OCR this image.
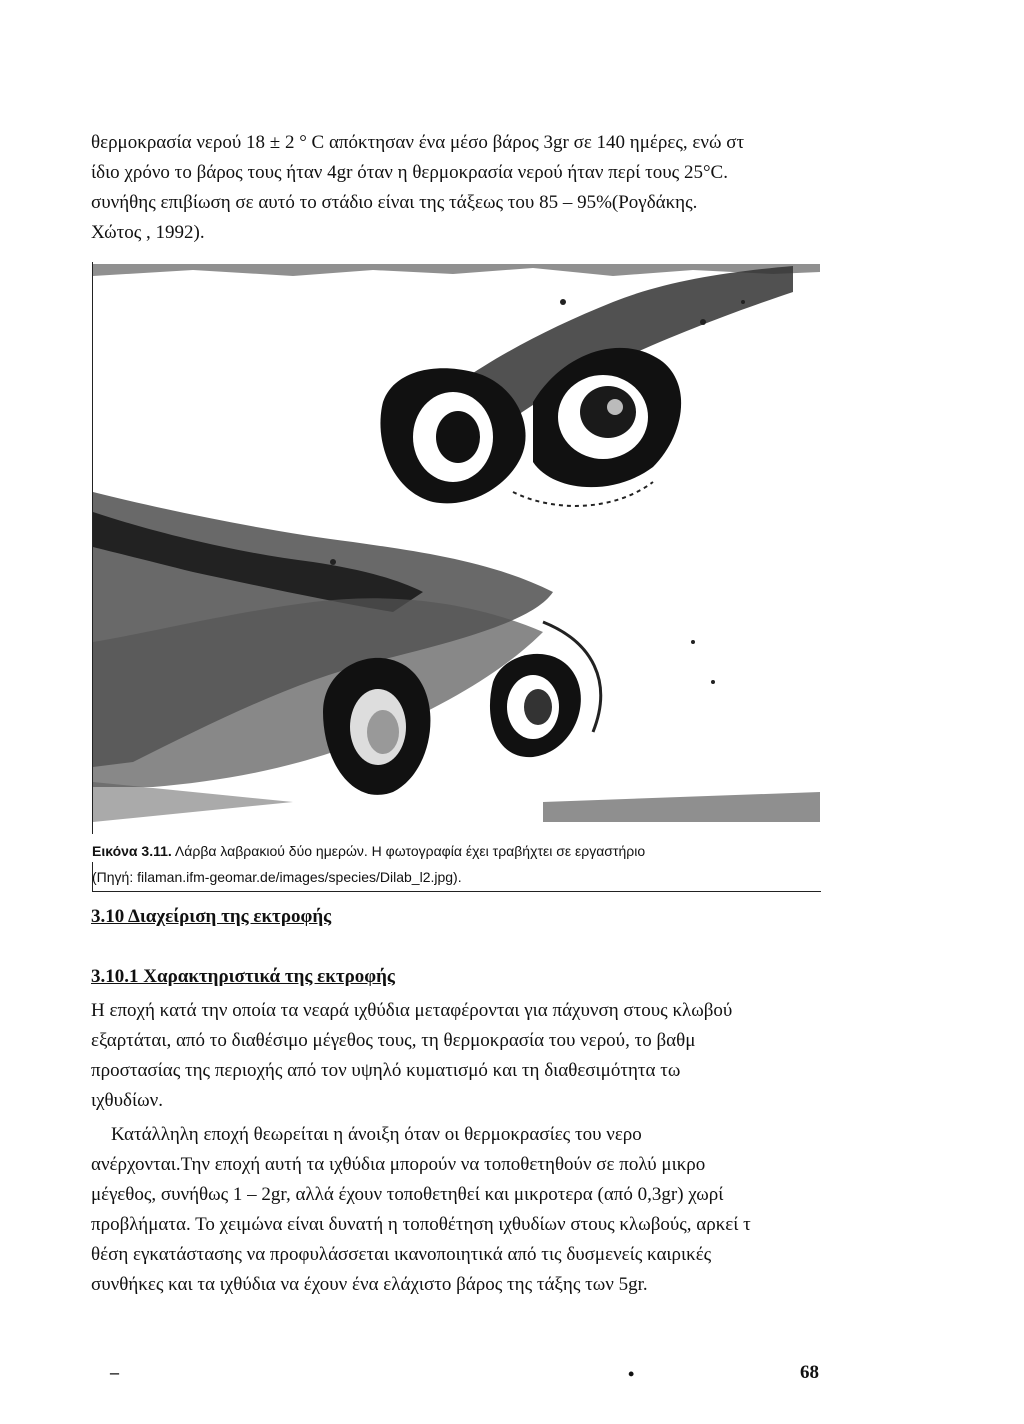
θερμοκρασία νερού 18 ± 2 ° C απόκτησαν ένα μέσο βάρος 3gr σε 140 ημέρες, ενώ στ
ίδιο χρόνο το βάρος τους ήταν 4gr όταν η θερμοκρασία νερού ήταν περί τους 25°C.
συνήθης επιβίωση σε αυτό το στάδιο είναι της τάξεως του 85 – 95%(Ρογδάκης.
Χώτος , 1992).
Εικόνα 3.11. Λάρβα λαβρακιού δύο ημερών. Η φωτογραφία έχει τραβήχτει σε εργαστήριο
(Πηγή: filaman.ifm-geomar.de/images/species/Dilab_l2.jpg).
3.10 Διαχείριση της εκτροφής
3.10.1 Χαρακτηριστικά της εκτροφής
Η εποχή κατά την οποία τα νεαρά ιχθύδια μεταφέρονται για πάχυνση στους κλωβού
εξαρτάται, από το διαθέσιμο μέγεθος τους, τη θερμοκρασία του νερού, το βαθμ
προστασίας της περιοχής από τον υψηλό κυματισμό και τη διαθεσιμότητα τω
ιχθυδίων.
Κατάλληλη εποχή θεωρείται η άνοιξη όταν οι θερμοκρασίες του νερο
ανέρχονται.Την εποχή αυτή τα ιχθύδια μπορούν να τοποθετηθούν σε πολύ μικρο
μέγεθος, συνήθως 1 – 2gr, αλλά έχουν τοποθετηθεί και μικροτερα (από 0,3gr) χωρί
προβλήματα. Το χειμώνα είναι δυνατή η τοποθέτηση ιχθυδίων στους κλωβούς, αρκεί τ
θέση εγκατάστασης να προφυλάσσεται ικανοποιητικά από τις δυσμενείς καιρικές
συνθήκες και τα ιχθύδια να έχουν ένα ελάχιστο βάρος της τάξης των 5gr.
–	•	68
